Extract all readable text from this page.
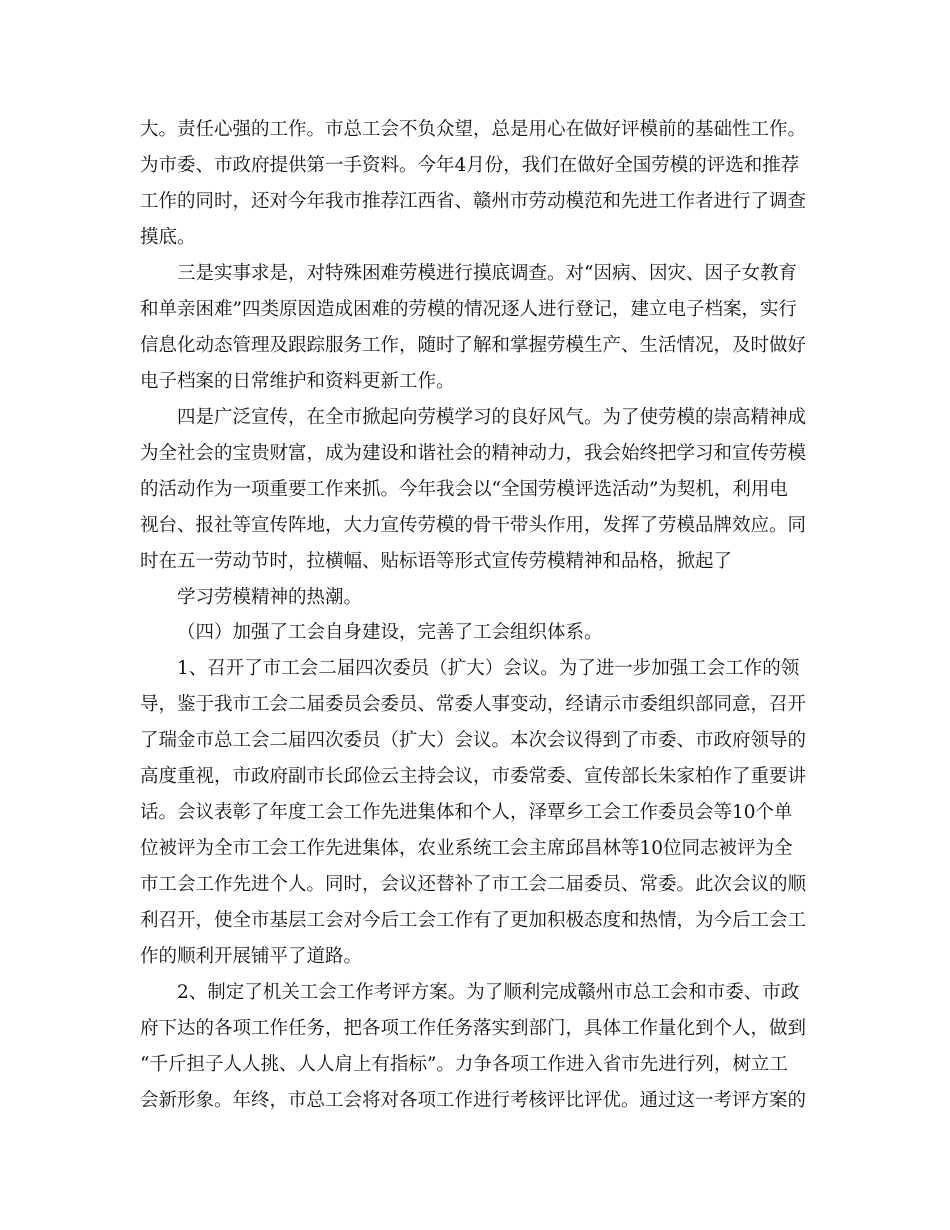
大。责任心强的工作。市总工会不负众望，总是用心在做好评模前的基础性工作。
为市委、市政府提供第一手资料。今年4月份，我们在做好全国劳模的评选和推荐
工作的同时，还对今年我市推荐江西省、赣州市劳动模范和先进工作者进行了调查
摸底。
三是实事求是，对特殊困难劳模进行摸底调查。对“因病、因灾、因子女教育
和单亲困难”四类原因造成困难的劳模的情况逐人进行登记，建立电子档案，实行
信息化动态管理及跟踪服务工作，随时了解和掌握劳模生产、生活情况，及时做好
电子档案的日常维护和资料更新工作。
四是广泛宣传，在全市掀起向劳模学习的良好风气。为了使劳模的崇高精神成
为全社会的宝贵财富，成为建设和谐社会的精神动力，我会始终把学习和宣传劳模
的活动作为一项重要工作来抓。今年我会以“全国劳模评选活动”为契机，利用电
视台、报社等宣传阵地，大力宣传劳模的骨干带头作用，发挥了劳模品牌效应。同
时在五一劳动节时，拉横幅、贴标语等形式宣传劳模精神和品格，掀起了
学习劳模精神的热潮。
（四）加强了工会自身建设，完善了工会组织体系。
1、召开了市工会二届四次委员（扩大）会议。为了进一步加强工会工作的领
导，鉴于我市工会二届委员会委员、常委人事变动，经请示市委组织部同意，召开
了瑞金市总工会二届四次委员（扩大）会议。本次会议得到了市委、市政府领导的
高度重视，市政府副市长邱俭云主持会议，市委常委、宣传部长朱家柏作了重要讲
话。会议表彰了年度工会工作先进集体和个人，泽覃乡工会工作委员会等10个单
位被评为全市工会工作先进集体，农业系统工会主席邱昌林等10位同志被评为全
市工会工作先进个人。同时，会议还替补了市工会二届委员、常委。此次会议的顺
利召开，使全市基层工会对今后工会工作有了更加积极态度和热情，为今后工会工
作的顺利开展铺平了道路。
2、制定了机关工会工作考评方案。为了顺利完成赣州市总工会和市委、市政
府下达的各项工作任务，把各项工作任务落实到部门，具体工作量化到个人，做到
“千斤担子人人挑、人人肩上有指标”。力争各项工作进入省市先进行列，树立工
会新形象。年终，市总工会将对各项工作进行考核评比评优。通过这一考评方案的
